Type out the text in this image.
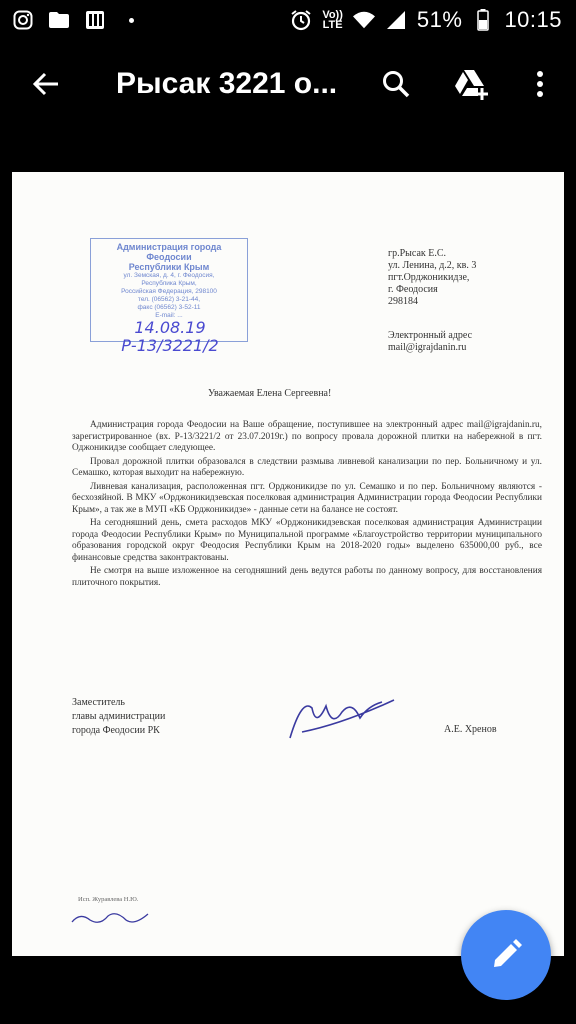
Vo))
LTE	51% 10:15
Рысак 3221 о...
Администрация города Феодосии
Республики Крым
ул. Земская, д. 4, г. Феодосия,
Республика Крым,
Российская Федерация, 298100
тел. (06562) 3-21-44,
факс (06562) 3-52-11
E-mail: ...
14.08.19 Р-13/3221/2
гр.Рысак Е.С.
ул. Ленина, д.2, кв. 3
пгт.Орджоникидзе,
г. Феодосия
298184
Электронный адрес
mail@igrajdanin.ru
Уважаемая Елена Сергеевна!

Администрация города Феодосии на Ваше обращение, поступившее на электронный адрес mail@igrajdanin.ru, зарегистрированное (вх. Р-13/3221/2 от 23.07.2019г.) по вопросу провала дорожной плитки на набережной в пгт. Оджоникидзе сообщает следующее.

Провал дорожной плитки образовался в следствии размыва ливневой канализации по пер. Больничному и ул. Семашко, которая выходит на набережную.

Ливневая канализация, расположенная пгт. Орджоникидзе по ул. Семашко и по пер. Больничному являются - бесхозяйной. В МКУ «Орджоникидзевская поселковая администрация Администрации города Феодосии Республики Крым», а так же в МУП «КБ Орджоникидзе» - данные сети на балансе не состоят.

На сегодняшний день, смета расходов МКУ «Орджоникидзевская поселковая администрация Администрации города Феодосии Республики Крым» по Муниципальной программе «Благоустройство территории муниципального образования городской округ Феодосия Республики Крым на 2018-2020 годы» выделено 635000,00 руб., все финансовые средства законтрактованы.

Не смотря на выше изложенное на сегодняшний день ведутся работы по данному вопросу, для восстановления плиточного покрытия.

Заместитель
главы администрации
города Феодосии РК	А.Е. Хренов
Исп. Журавлева Н.Ю.
